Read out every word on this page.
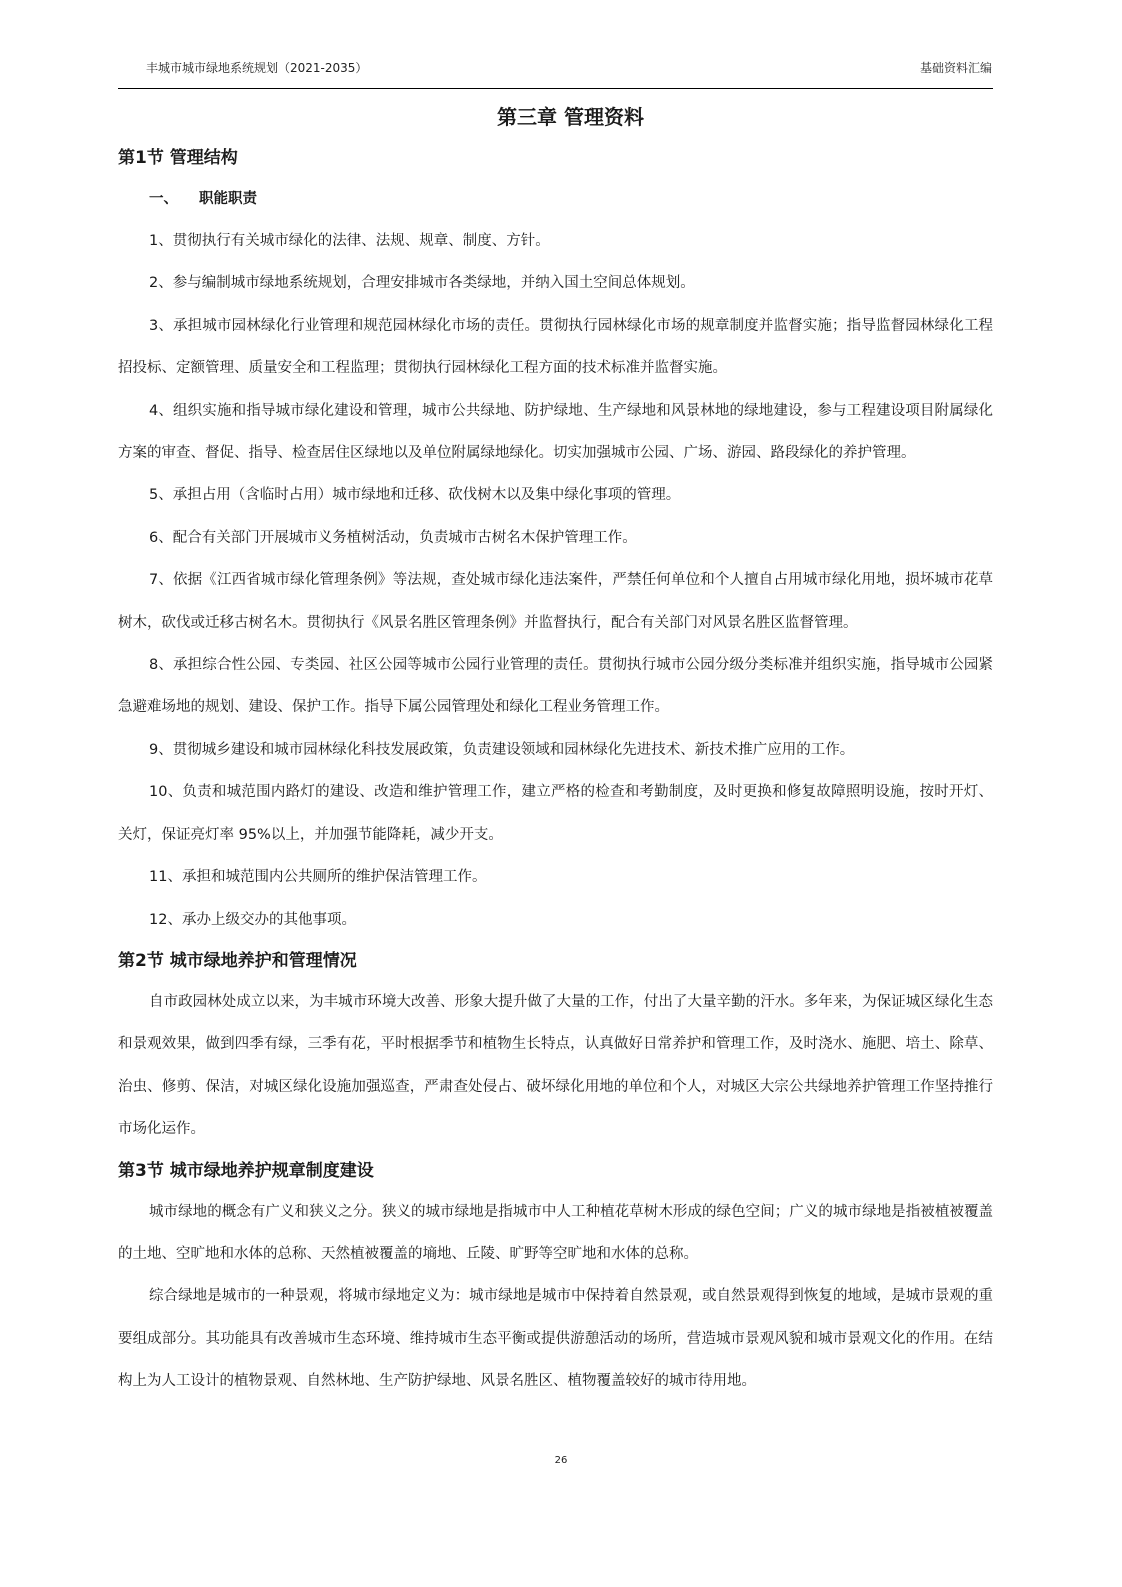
丰城市城市绿地系统规划（2021-2035）	基础资料汇编
第三章 管理资料
第1节 管理结构
一、 职能职责

1、贯彻执行有关城市绿化的法律、法规、规章、制度、方针。

2、参与编制城市绿地系统规划，合理安排城市各类绿地，并纳入国土空间总体规划。

3、承担城市园林绿化行业管理和规范园林绿化市场的责任。贯彻执行园林绿化市场的规章制度并监督实施；指导监督园林绿化工程招投标、定额管理、质量安全和工程监理；贯彻执行园林绿化工程方面的技术标准并监督实施。

4、组织实施和指导城市绿化建设和管理，城市公共绿地、防护绿地、生产绿地和风景林地的绿地建设，参与工程建设项目附属绿化方案的审查、督促、指导、检查居住区绿地以及单位附属绿地绿化。切实加强城市公园、广场、游园、路段绿化的养护管理。

5、承担占用（含临时占用）城市绿地和迁移、砍伐树木以及集中绿化事项的管理。

6、配合有关部门开展城市义务植树活动，负责城市古树名木保护管理工作。

7、依据《江西省城市绿化管理条例》等法规，查处城市绿化违法案件，严禁任何单位和个人擅自占用城市绿化用地，损坏城市花草树木，砍伐或迁移古树名木。贯彻执行《风景名胜区管理条例》并监督执行，配合有关部门对风景名胜区监督管理。

8、承担综合性公园、专类园、社区公园等城市公园行业管理的责任。贯彻执行城市公园分级分类标准并组织实施，指导城市公园紧急避难场地的规划、建设、保护工作。指导下属公园管理处和绿化工程业务管理工作。

9、贯彻城乡建设和城市园林绿化科技发展政策，负责建设领域和园林绿化先进技术、新技术推广应用的工作。

10、负责和城范围内路灯的建设、改造和维护管理工作，建立严格的检查和考勤制度，及时更换和修复故障照明设施，按时开灯、关灯，保证亮灯率 95%以上，并加强节能降耗，减少开支。

11、承担和城范围内公共厕所的维护保洁管理工作。

12、承办上级交办的其他事项。

第2节 城市绿地养护和管理情况

自市政园林处成立以来，为丰城市环境大改善、形象大提升做了大量的工作，付出了大量辛勤的汗水。多年来，为保证城区绿化生态和景观效果，做到四季有绿，三季有花，平时根据季节和植物生长特点，认真做好日常养护和管理工作，及时浇水、施肥、培土、除草、治虫、修剪、保洁，对城区绿化设施加强巡查，严肃查处侵占、破坏绿化用地的单位和个人，对城区大宗公共绿地养护管理工作坚持推行市场化运作。

第3节 城市绿地养护规章制度建设

城市绿地的概念有广义和狭义之分。狭义的城市绿地是指城市中人工种植花草树木形成的绿色空间；广义的城市绿地是指被植被覆盖的土地、空旷地和水体的总称、天然植被覆盖的墒地、丘陵、旷野等空旷地和水体的总称。

综合绿地是城市的一种景观，将城市绿地定义为：城市绿地是城市中保持着自然景观，或自然景观得到恢复的地域，是城市景观的重要组成部分。其功能具有改善城市生态环境、维持城市生态平衡或提供游憩活动的场所，营造城市景观风貌和城市景观文化的作用。在结构上为人工设计的植物景观、自然林地、生产防护绿地、风景名胜区、植物覆盖较好的城市待用地。

26
